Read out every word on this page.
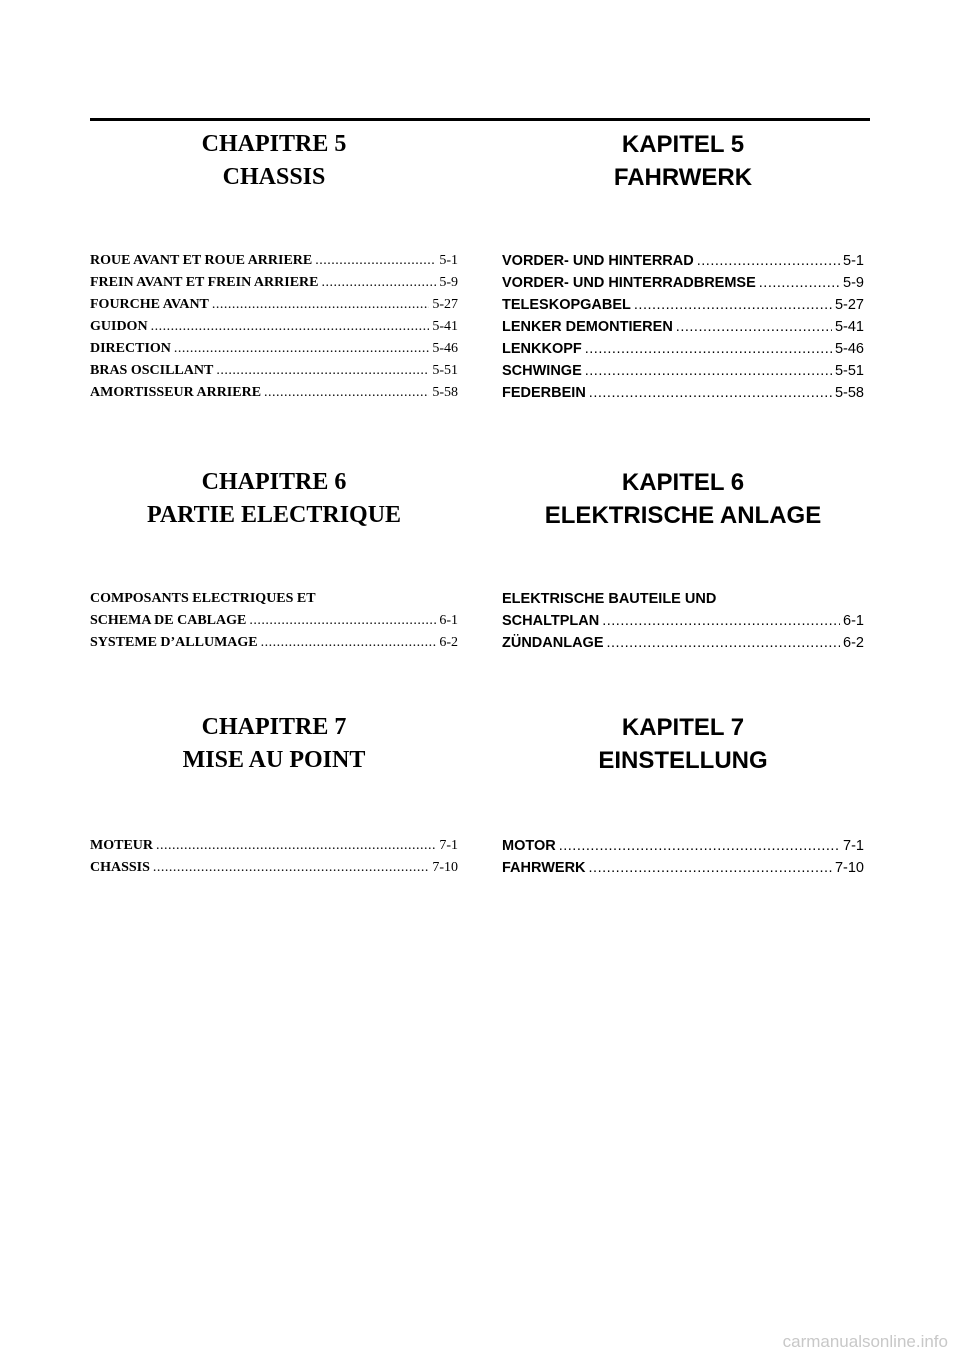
CHAPITRE 5

CHASSIS

ROUE AVANT ET ROUE ARRIERE .....	5-1
FREIN AVANT ET FREIN ARRIERE .....	5-9
FOURCHE AVANT .....	5-27
GUIDON .....	5-41
DIRECTION .....	5-46
BRAS OSCILLANT .....	5-51
AMORTISSEUR ARRIERE .....	5-58

CHAPITRE 6

PARTIE ELECTRIQUE

COMPOSANTS ELECTRIQUES ET
SCHEMA DE CABLAGE .....	6-1
SYSTEME D’ALLUMAGE .....	6-2

CHAPITRE 7

MISE AU POINT

MOTEUR .....	7-1
CHASSIS .....	7-10

KAPITEL 5

FAHRWERK

VORDER- UND HINTERRAD .....	5-1
VORDER- UND HINTERRADBREMSE .....	5-9
TELESKOPGABEL .....	5-27
LENKER DEMONTIEREN .....	5-41
LENKKOPF .....	5-46
SCHWINGE .....	5-51
FEDERBEIN .....	5-58

KAPITEL 6

ELEKTRISCHE ANLAGE

ELEKTRISCHE BAUTEILE UND
SCHALTPLAN .....	6-1
ZÜNDANLAGE .....	6-2

KAPITEL 7

EINSTELLUNG

MOTOR .....	7-1
FAHRWERK .....	7-10
carmanualsonline.info
